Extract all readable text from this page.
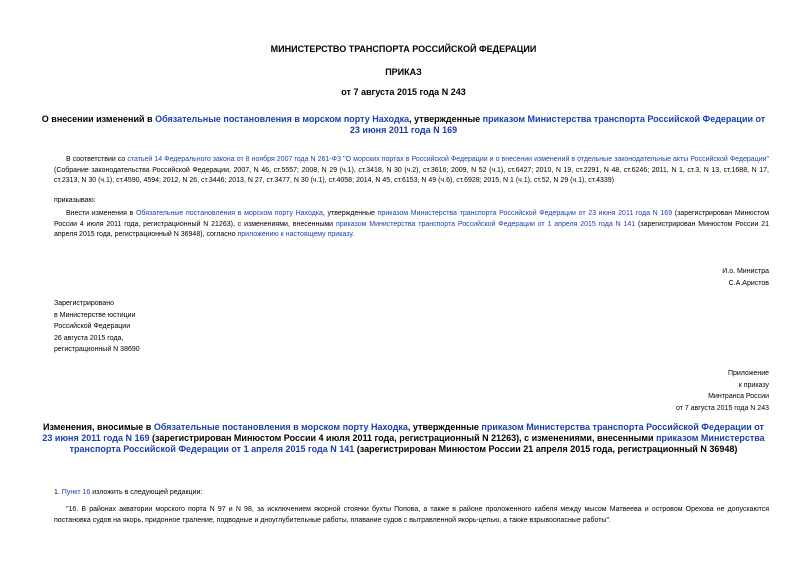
МИНИСТЕРСТВО ТРАНСПОРТА РОССИЙСКОЙ ФЕДЕРАЦИИ
ПРИКАЗ
от 7 августа 2015 года N 243
О внесении изменений в Обязательные постановления в морском порту Находка, утвержденные приказом Министерства транспорта Российской Федерации от 23 июня 2011 года N 169
В соответствии со статьей 14 Федерального закона от 8 ноября 2007 года N 261-ФЗ "О морских портах в Российской Федерации и о внесении изменений в отдельные законодательные акты Российской Федерации" (Собрание законодательства Российской Федерации, 2007, N 46, ст.5557; 2008, N 29 (ч.1), ст.3418, N 30 (ч.2), ст.3616; 2009, N 52 (ч.1), ст.6427; 2010, N 19, ст.2291, N 48, ст.6246; 2011, N 1, ст.3, N 13, ст.1688, N 17, ст.2313, N 30 (ч.1), ст.4590, 4594; 2012, N 26, ст.3446; 2013, N 27, ст.3477, N 30 (ч.1), ст.4058; 2014, N 45, ст.6153, N 49 (ч.6), ст.6928; 2015, N 1 (ч.1), ст.52, N 29 (ч.1), ст.4339)
приказываю:
Внести изменения в Обязательные постановления в морском порту Находка, утвержденные приказом Министерства транспорта Российской Федерации от 23 июня 2011 года N 169 (зарегистрирован Минюстом России 4 июля 2011 года, регистрационный N 21263), с изменениями, внесенными приказом Министерства транспорта Российской Федерации от 1 апреля 2015 года N 141 (зарегистрирован Минюстом России 21 апреля 2015 года, регистрационный N 36948), согласно приложению к настоящему приказу.
И.о. Министра
С.А.Аристов
Зарегистрировано
в Министерстве юстиции
Российской Федерации
26 августа 2015 года,
регистрационный N 38690
Приложение
к приказу
Минтранса России
от 7 августа 2015 года N 243
Изменения, вносимые в Обязательные постановления в морском порту Находка, утвержденные приказом Министерства транспорта Российской Федерации от 23 июня 2011 года N 169 (зарегистрирован Минюстом России 4 июля 2011 года, регистрационный N 21263), с изменениями, внесенными приказом Министерства транспорта Российской Федерации от 1 апреля 2015 года N 141 (зарегистрирован Минюстом России 21 апреля 2015 года, регистрационный N 36948)
1. Пункт 16 изложить в следующей редакции:
"16. В районах акватории морского порта N 97 и N 98, за исключением якорной стоянки бухты Попова, а также в районе проложенного кабеля между мысом Матвеева и островом Орехова не допускаются постановка судов на якорь, придонное траление, подводные и дноуглубительные работы, плавание судов с вытравленной якорь-цепью, а также взрывоопасные работы".
